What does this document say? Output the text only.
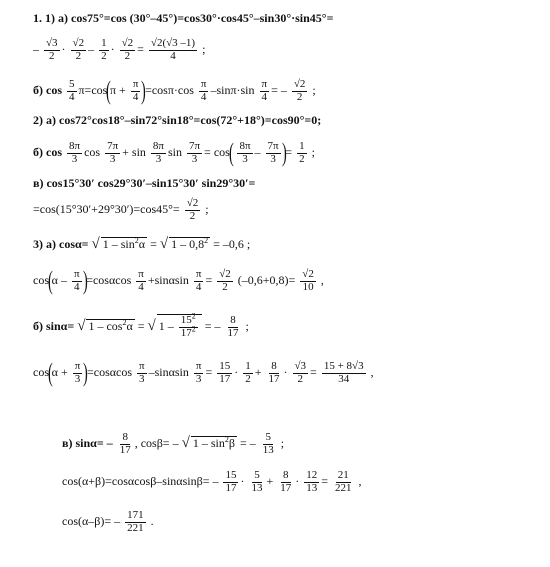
1. 1) а) cos75°=cos (30°–45°)=cos30°·cos45°–sin30°·sin45°=
– $\frac{√3}{2} \cdot \frac{√2}{2} - \frac{1}{2} \cdot \frac{√2}{2} = \frac{√2(√3 -1)}{4}$ ;
б) $\cos \frac{5}{4} \pi=\cos(\pi + \frac{\pi}{4} )=\cos\pi\cdot\cos \frac{\pi}{4} -\sin\pi\cdot\sin \frac{\pi}{4}$ = – $\frac{√2}{2}$ ;
2) а) cos72°cos18°–sin72°sin18°=cos(72°+18°)=cos90°=0;
б) $\cos \frac{8\pi}{3}$ $\cos \frac{7\pi}{3} + \sin \frac{8\pi}{3}$ $\sin \frac{7\pi}{3} = \cos( \frac{8\pi}{3} - \frac{7\pi}{3}$ )= $\frac{1}{2}$ ;
в) cos15°30′ cos29°30′–sin15°30′ sin29°30′=
$=\cos(15^\circ 30'+29^\circ 30')=\cos 45^\circ= \frac{√2}{2}$ ;
3) а) cosα= √ $1 - \sin^2\alpha$ = √ $1 - 0,8^2 = -0,6$ ;
$\cos(\alpha - \frac{\pi}{4} )=\cos\alpha\cos \frac{\pi}{4} +\sin\alpha\sin \frac{\pi}{4} = \frac{√2}{2} (-0,6+0,8)= \frac{√2}{10}$ ,
б) sinα= √ $1 - \cos^2\alpha$ = √ $1 - \frac{15^2}{17^2}$ = – $\frac{8}{17}$ ;
$\cos(\alpha + \frac{\pi}{3} )=\cos\alpha\cos \frac{\pi}{3} -\sin\alpha\sin \frac{\pi}{3} = \frac{15}{17} \cdot \frac{1}{2} + \frac{8}{17} \cdot \frac{√3}{2} = \frac{15 + 8√3}{34}$ ,
в) $\sin\alpha= - \frac{8}{17}$ , cosβ= – √ $1 - \sin^2\beta$ = – $\frac{5}{13}$ ;
$\cos(\alpha+\beta)=\cos\alpha\cos\beta-\sin\alpha\sin\beta= - \frac{15}{17} \cdot \frac{5}{13} + \frac{8}{17} \cdot \frac{12}{13} = \frac{21}{221}$ ,
$\cos(\alpha-\beta)= - \frac{171}{221}$ .
